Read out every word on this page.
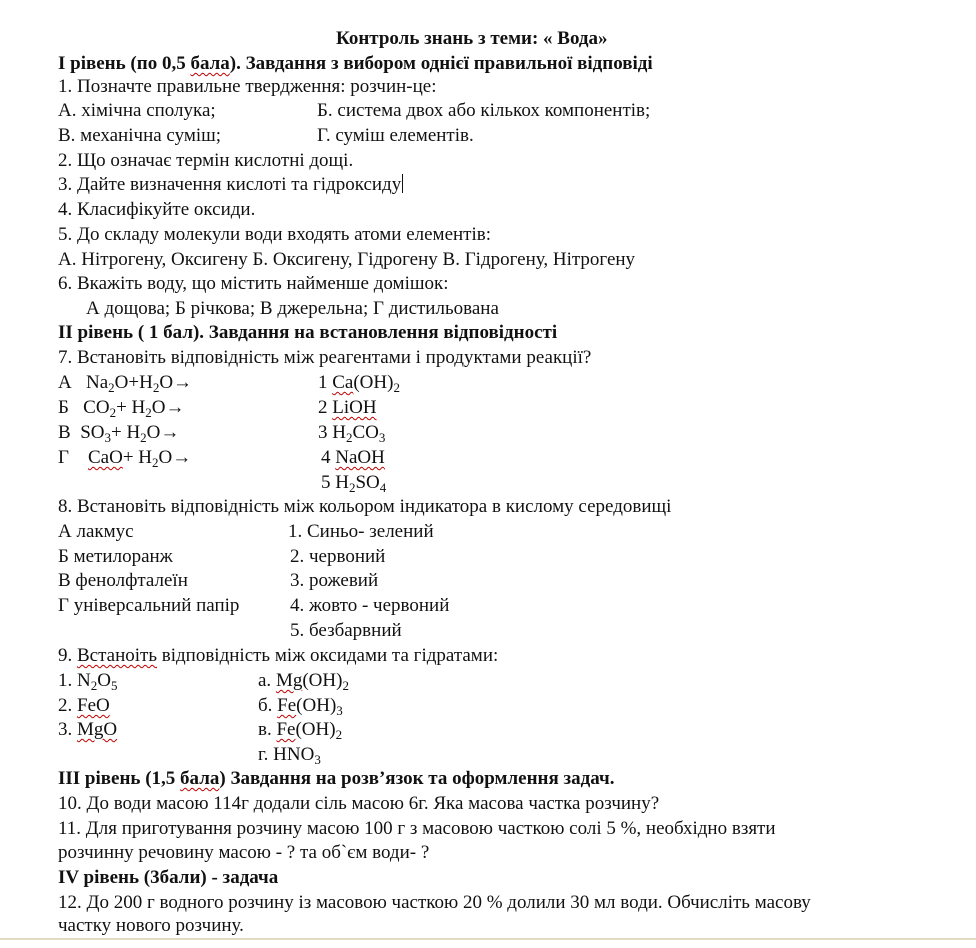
Контроль знань з теми: « Вода»
І рівень (по 0,5 бала). Завдання з вибором однієї правильної відповіді
1. Позначте правильне твердження: розчин-це:
А. хімічна сполука;	Б. система двох або кількох компонентів;
В. механічна суміш;	Г. суміш елементів.
2. Що означає термін кислотні дощі.
3. Дайте визначення кислоті та гідроксиду
4. Класифікуйте оксиди.
5. До складу молекули води входять атоми елементів:
А. Нітрогену, Оксигену Б. Оксигену, Гідрогену В. Гідрогену, Нітрогену
6. Вкажіть воду, що містить найменше домішок:
А дощова; Б річкова; В джерельна; Г дистильована
ІІ рівень ( 1 бал). Завдання на встановлення відповідності
7. Встановіть відповідність між реагентами і продуктами реакції?
А $Na_2O+H_2O\to$
Б $CO_2+ H_2O\to$
В $SO_3+ H_2O\to$
Г $CaO+ H_2O\to$
1 $Ca(OH)_2$
2 LiOH
3 $H_2CO_3$
4 NaOH
5 $H_2SO_4$
8. Встановіть відповідність між кольором індикатора в кислому середовищі
А лакмус
Б метилоранж
В фенолфталеїн
Г універсальний папір
1. Синьо- зелений
2. червоний
3. рожевий
4. жовто - червоний
5. безбарвний
9. Встаноіть відповідність між оксидами та гідратами:
1. $N_2O_5$
2. FeO
3. MgO
а. $Mg(OH)_2$
б. $Fe(OH)_3$
в. $Fe(OH)_2$
г. $HNO_3$
ІІІ рівень (1,5 бала) Завдання на розв’язок та оформлення задач.
10. До води масою 114г додали сіль масою 6г. Яка масова частка розчину?
11. Для приготування розчину масою 100 г з масовою часткою солі 5 %, необхідно взяти
розчинну речовину масою - ? та об`єм води- ?
IV рівень (3бали) - задача
12. До 200 г водного розчину із масовою часткою 20 % долили 30 мл води. Обчисліть масову
частку нового розчину.
